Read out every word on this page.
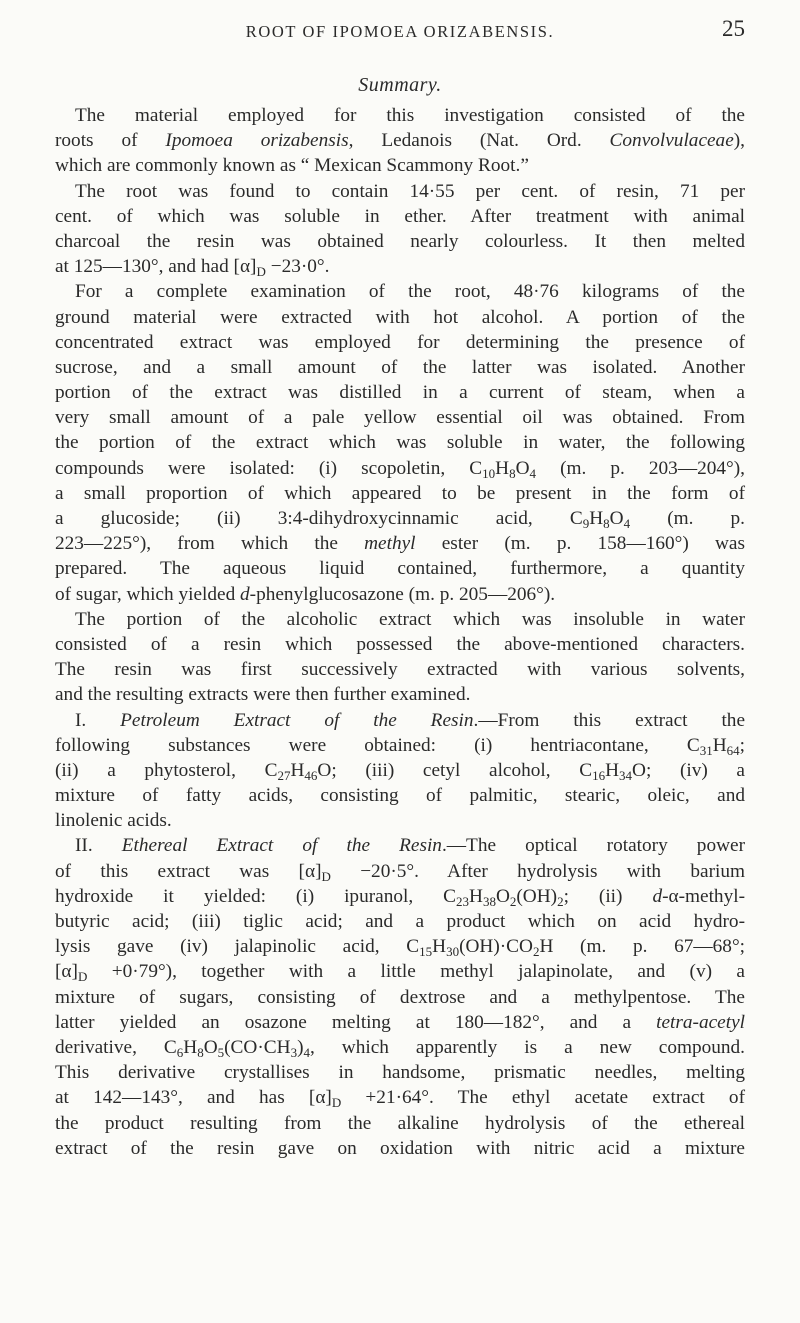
ROOT OF IPOMOEA ORIZABENSIS.	25
Summary.
The material employed for this investigation consisted of the
roots of Ipomoea orizabensis, Ledanois (Nat. Ord. Convolvulaceae),
which are commonly known as “ Mexican Scammony Root.”
The root was found to contain 14·55 per cent. of resin, 71 per
cent. of which was soluble in ether. After treatment with animal
charcoal the resin was obtained nearly colourless. It then melted
at 125—130°, and had $[\alpha]_D -23\cdot 0^\circ$.
For a complete examination of the root, 48·76 kilograms of the
ground material were extracted with hot alcohol. A portion of the
concentrated extract was employed for determining the presence of
sucrose, and a small amount of the latter was isolated. Another
portion of the extract was distilled in a current of steam, when a
very small amount of a pale yellow essential oil was obtained. From
the portion of the extract which was soluble in water, the following
compounds were isolated: (i) scopoletin, $C_{10}H_8O_4$ (m. p. 203—204°),
a small proportion of which appeared to be present in the form of
a glucoside; (ii) 3:4-dihydroxycinnamic acid, $C_9H_8O_4$ (m. p.
223—225°), from which the methyl ester (m. p. 158—160°) was
prepared. The aqueous liquid contained, furthermore, a quantity
of sugar, which yielded d-phenylglucosazone (m. p. 205—206°).
The portion of the alcoholic extract which was insoluble in water
consisted of a resin which possessed the above-mentioned characters.
The resin was first successively extracted with various solvents,
and the resulting extracts were then further examined.
I. Petroleum Extract of the Resin.—From this extract the
following substances were obtained: (i) hentriacontane, $C_{31}H_{64}$;
(ii) a phytosterol, $C_{27}H_{46}O$; (iii) cetyl alcohol, $C_{16}H_{34}O$; (iv) a
mixture of fatty acids, consisting of palmitic, stearic, oleic, and
linolenic acids.
II. Ethereal Extract of the Resin.—The optical rotatory power
of this extract was $[\alpha]_D -20\cdot 5^\circ$. After hydrolysis with barium
hydroxide it yielded: (i) ipuranol, $C_{23}H_{38}O_2(OH)_2$; (ii) d-α-methyl-
butyric acid; (iii) tiglic acid; and a product which on acid hydro-
lysis gave (iv) jalapinolic acid, $C_{15}H_{30}(OH)\cdot CO_2H$ (m. p. 67—68°;
$[\alpha]_D +0\cdot 79^\circ$), together with a little methyl jalapinolate, and (v) a
mixture of sugars, consisting of dextrose and a methylpentose. The
latter yielded an osazone melting at 180—182°, and a tetra-acetyl
derivative, $C_6H_8O_5(CO\cdot CH_3)_4$, which apparently is a new compound.
This derivative crystallises in handsome, prismatic needles, melting
at 142—143°, and has $[\alpha]_D +21\cdot 64^\circ$. The ethyl acetate extract of
the product resulting from the alkaline hydrolysis of the ethereal
extract of the resin gave on oxidation with nitric acid a mixture
